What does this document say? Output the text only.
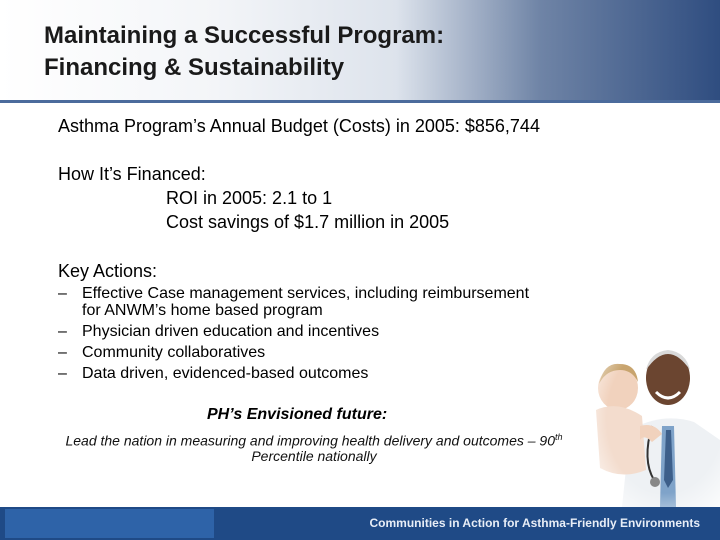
Maintaining a Successful Program:
Financing & Sustainability
Asthma Program’s Annual Budget (Costs) in 2005: $856,744
How It’s Financed:
ROI in 2005: 2.1 to 1
Cost savings of $1.7 million in 2005
Key Actions:
– Effective Case management services, including reimbursement
for ANWM’s home based program
– Physician driven education and incentives
– Community collaboratives
– Data driven, evidenced-based outcomes
PH’s Envisioned future:
Lead the nation in measuring and improving health delivery and outcomes – 90th
Percentile nationally
Communities in Action for Asthma-Friendly Environments
